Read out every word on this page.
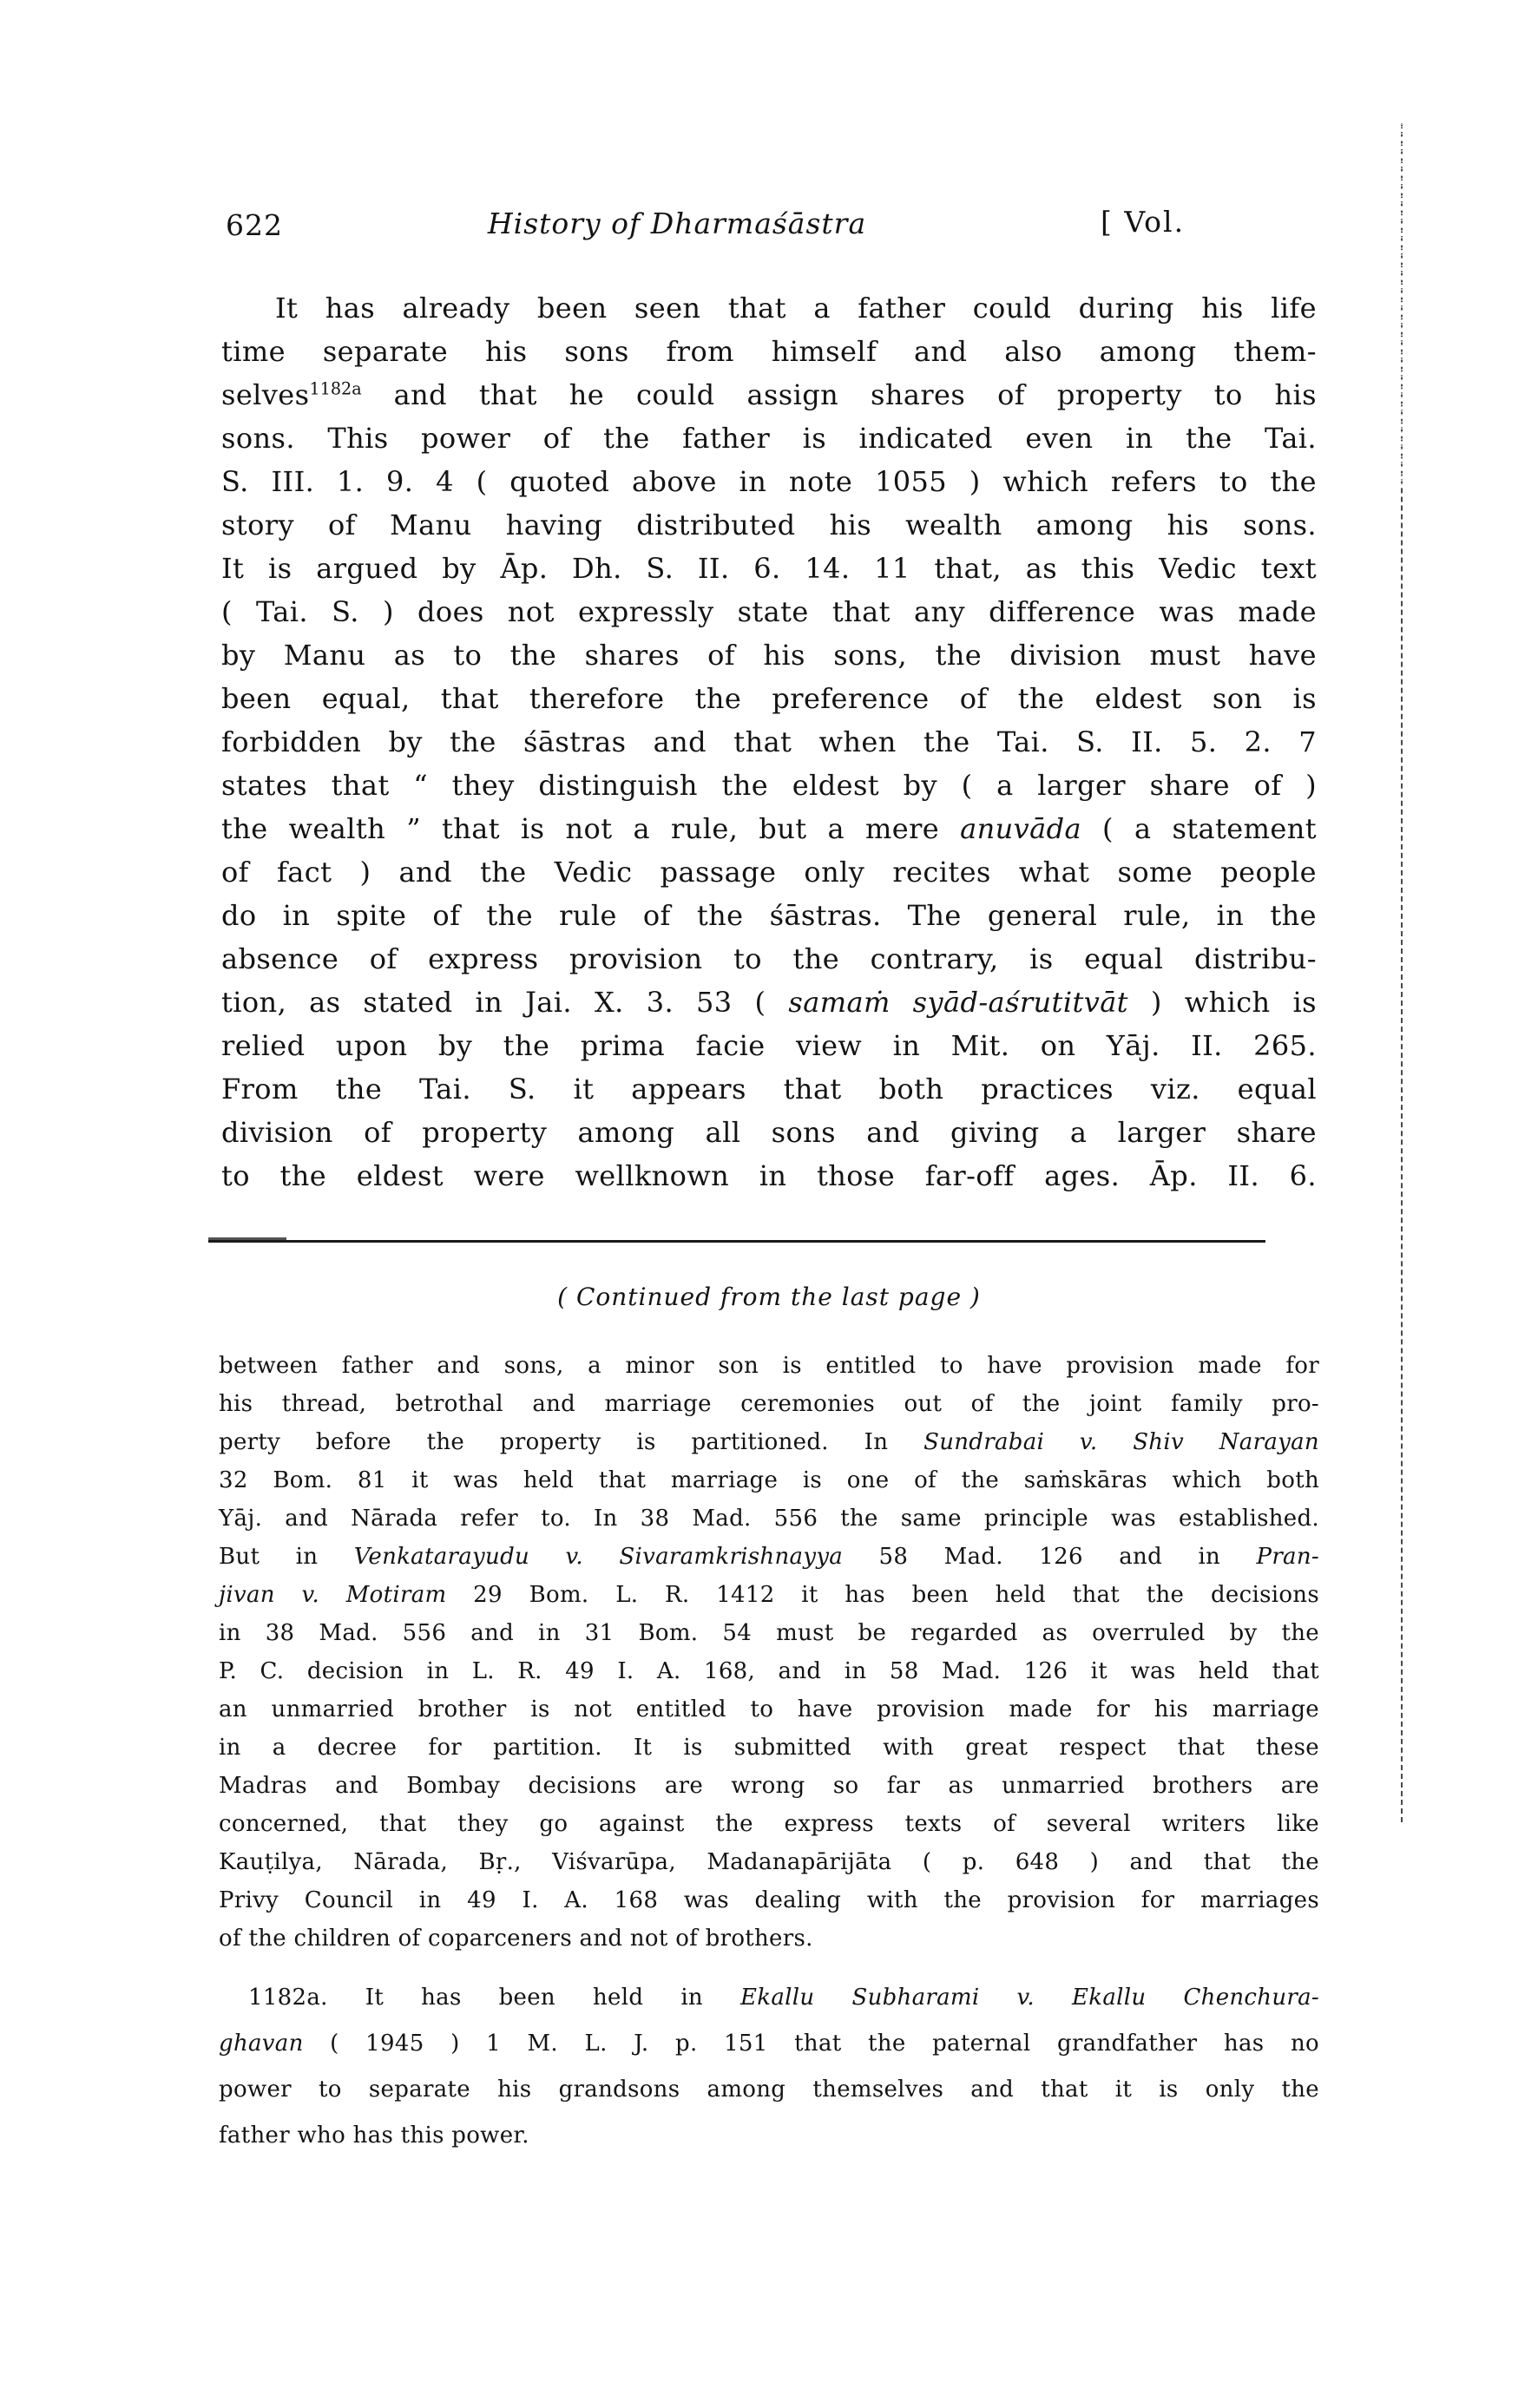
622	History of Dharmaśāstra	[ Vol.
It has already been seen that a father could during his life
time separate his sons from himself and also among them-
selves$^{1182a}$ and that he could assign shares of property to his
sons. This power of the father is indicated even in the Tai.
S. III. 1. 9. 4 ( quoted above in note 1055 ) which refers to the
story of Manu having distributed his wealth among his sons.
It is argued by Āp. Dh. S. II. 6. 14. 11 that, as this Vedic text
( Tai. S. ) does not expressly state that any difference was made
by Manu as to the shares of his sons, the division must have
been equal, that therefore the preference of the eldest son is
forbidden by the śāstras and that when the Tai. S. II. 5. 2. 7
states that “ they distinguish the eldest by ( a larger share of )
the wealth ” that is not a rule, but a mere anuvāda ( a statement
of fact ) and the Vedic passage only recites what some people
do in spite of the rule of the śāstras. The general rule, in the
absence of express provision to the contrary, is equal distribu-
tion, as stated in Jai. X. 3. 53 ( samaṁ syād-aśrutitvāt ) which is
relied upon by the prima facie view in Mit. on Yāj. II. 265.
From the Tai. S. it appears that both practices viz. equal
division of property among all sons and giving a larger share
to the eldest were wellknown in those far-off ages. Āp. II. 6.
( Continued from the last page )
between father and sons, a minor son is entitled to have provision made for
his thread, betrothal and marriage ceremonies out of the joint family pro-
perty before the property is partitioned. In Sundrabai v. Shiv Narayan
32 Bom. 81 it was held that marriage is one of the saṁskāras which both
Yāj. and Nārada refer to. In 38 Mad. 556 the same principle was established.
But in Venkatarayudu v. Sivaramkrishnayya 58 Mad. 126 and in Pran-
jivan v. Motiram 29 Bom. L. R. 1412 it has been held that the decisions
in 38 Mad. 556 and in 31 Bom. 54 must be regarded as overruled by the
P. C. decision in L. R. 49 I. A. 168, and in 58 Mad. 126 it was held that
an unmarried brother is not entitled to have provision made for his marriage
in a decree for partition. It is submitted with great respect that these
Madras and Bombay decisions are wrong so far as unmarried brothers are
concerned, that they go against the express texts of several writers like
Kauṭilya, Nārada, Bṛ., Viśvarūpa, Madanapārijāta ( p. 648 ) and that the
Privy Council in 49 I. A. 168 was dealing with the provision for marriages
of the children of coparceners and not of brothers.
1182a. It has been held in Ekallu Subharami v. Ekallu Chenchura-
ghavan ( 1945 ) 1 M. L. J. p. 151 that the paternal grandfather has no
power to separate his grandsons among themselves and that it is only the
father who has this power.
